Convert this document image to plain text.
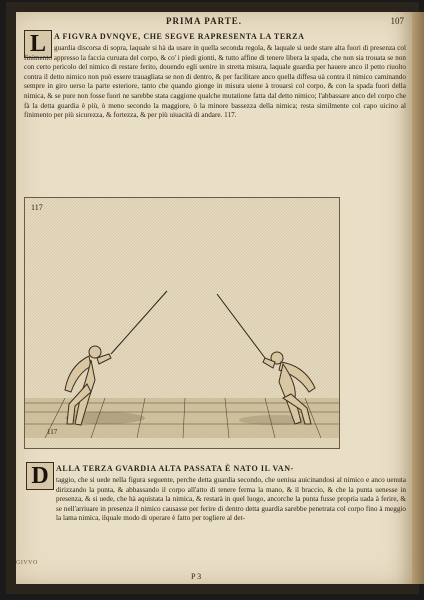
PRIMA PARTE.	107
L	A FIGVRA DVNQVE, CHE SEGVE RAPRESENTA LA TERZA

guardia discorsa di sopra, laquale si hà da usare in quella seconda regola, & laquale si uede stare alta fuori di presenza col finimento appresso la faccia curuata del corpo, & co' i piedi gionti, & tutto affine di tenere libera la spada, che non sia trouata se non con certo pericolo del nimico di restare ferito, douendo egli uenire in stretta misura, laquale guardia per hauere anco il petto riuolto contra il detto nimico non può essere trauagliata se non di dentro, & per facilitare anco quella diffesa uà contra il nimico caminando sempre in giro uerso la parte esteriore, tanto che quando gionge in misura uiene à trouarsi col corpo, & con la spada fuori della nimica, & se pure non fosse fuori ne sarebbe stata caggione qualche mutatione fatta dal detto nimico; l'abbassare anco del corpo che fà la detta guardia è più, ò meno secondo la maggiore, ò la minore bassezza della nimica; resta similmente col capo uicino al finimento per più sicurezza, & fortezza, & per più uiuacità di andare. 117.

117
117
D ALLA TERZA GVARDIA ALTA PASSATA È NATO IL VAN-

taggio, che si uede nella figura seguente, perche detta guardia secondo, che ueniua auicinandosi al nimico e anco uenuta dirizzando la punta, & abbassando il corpo all'atto di tenere ferma la mano, & il braccio, & che la punta uenesse in presenza, & si uede, che hà aquistata la nimica, & restarà in quel luogo, ancorche la punta fusse propria uada à ferire, & se nell'arriuare in presenza il nimico causasse per ferire di dentro detta guardia sarebbe penetrata col corpo fino à meggio la lama nimica, ilquale modo di operare è fatto per togliere al det-

GIVVO
P 3
